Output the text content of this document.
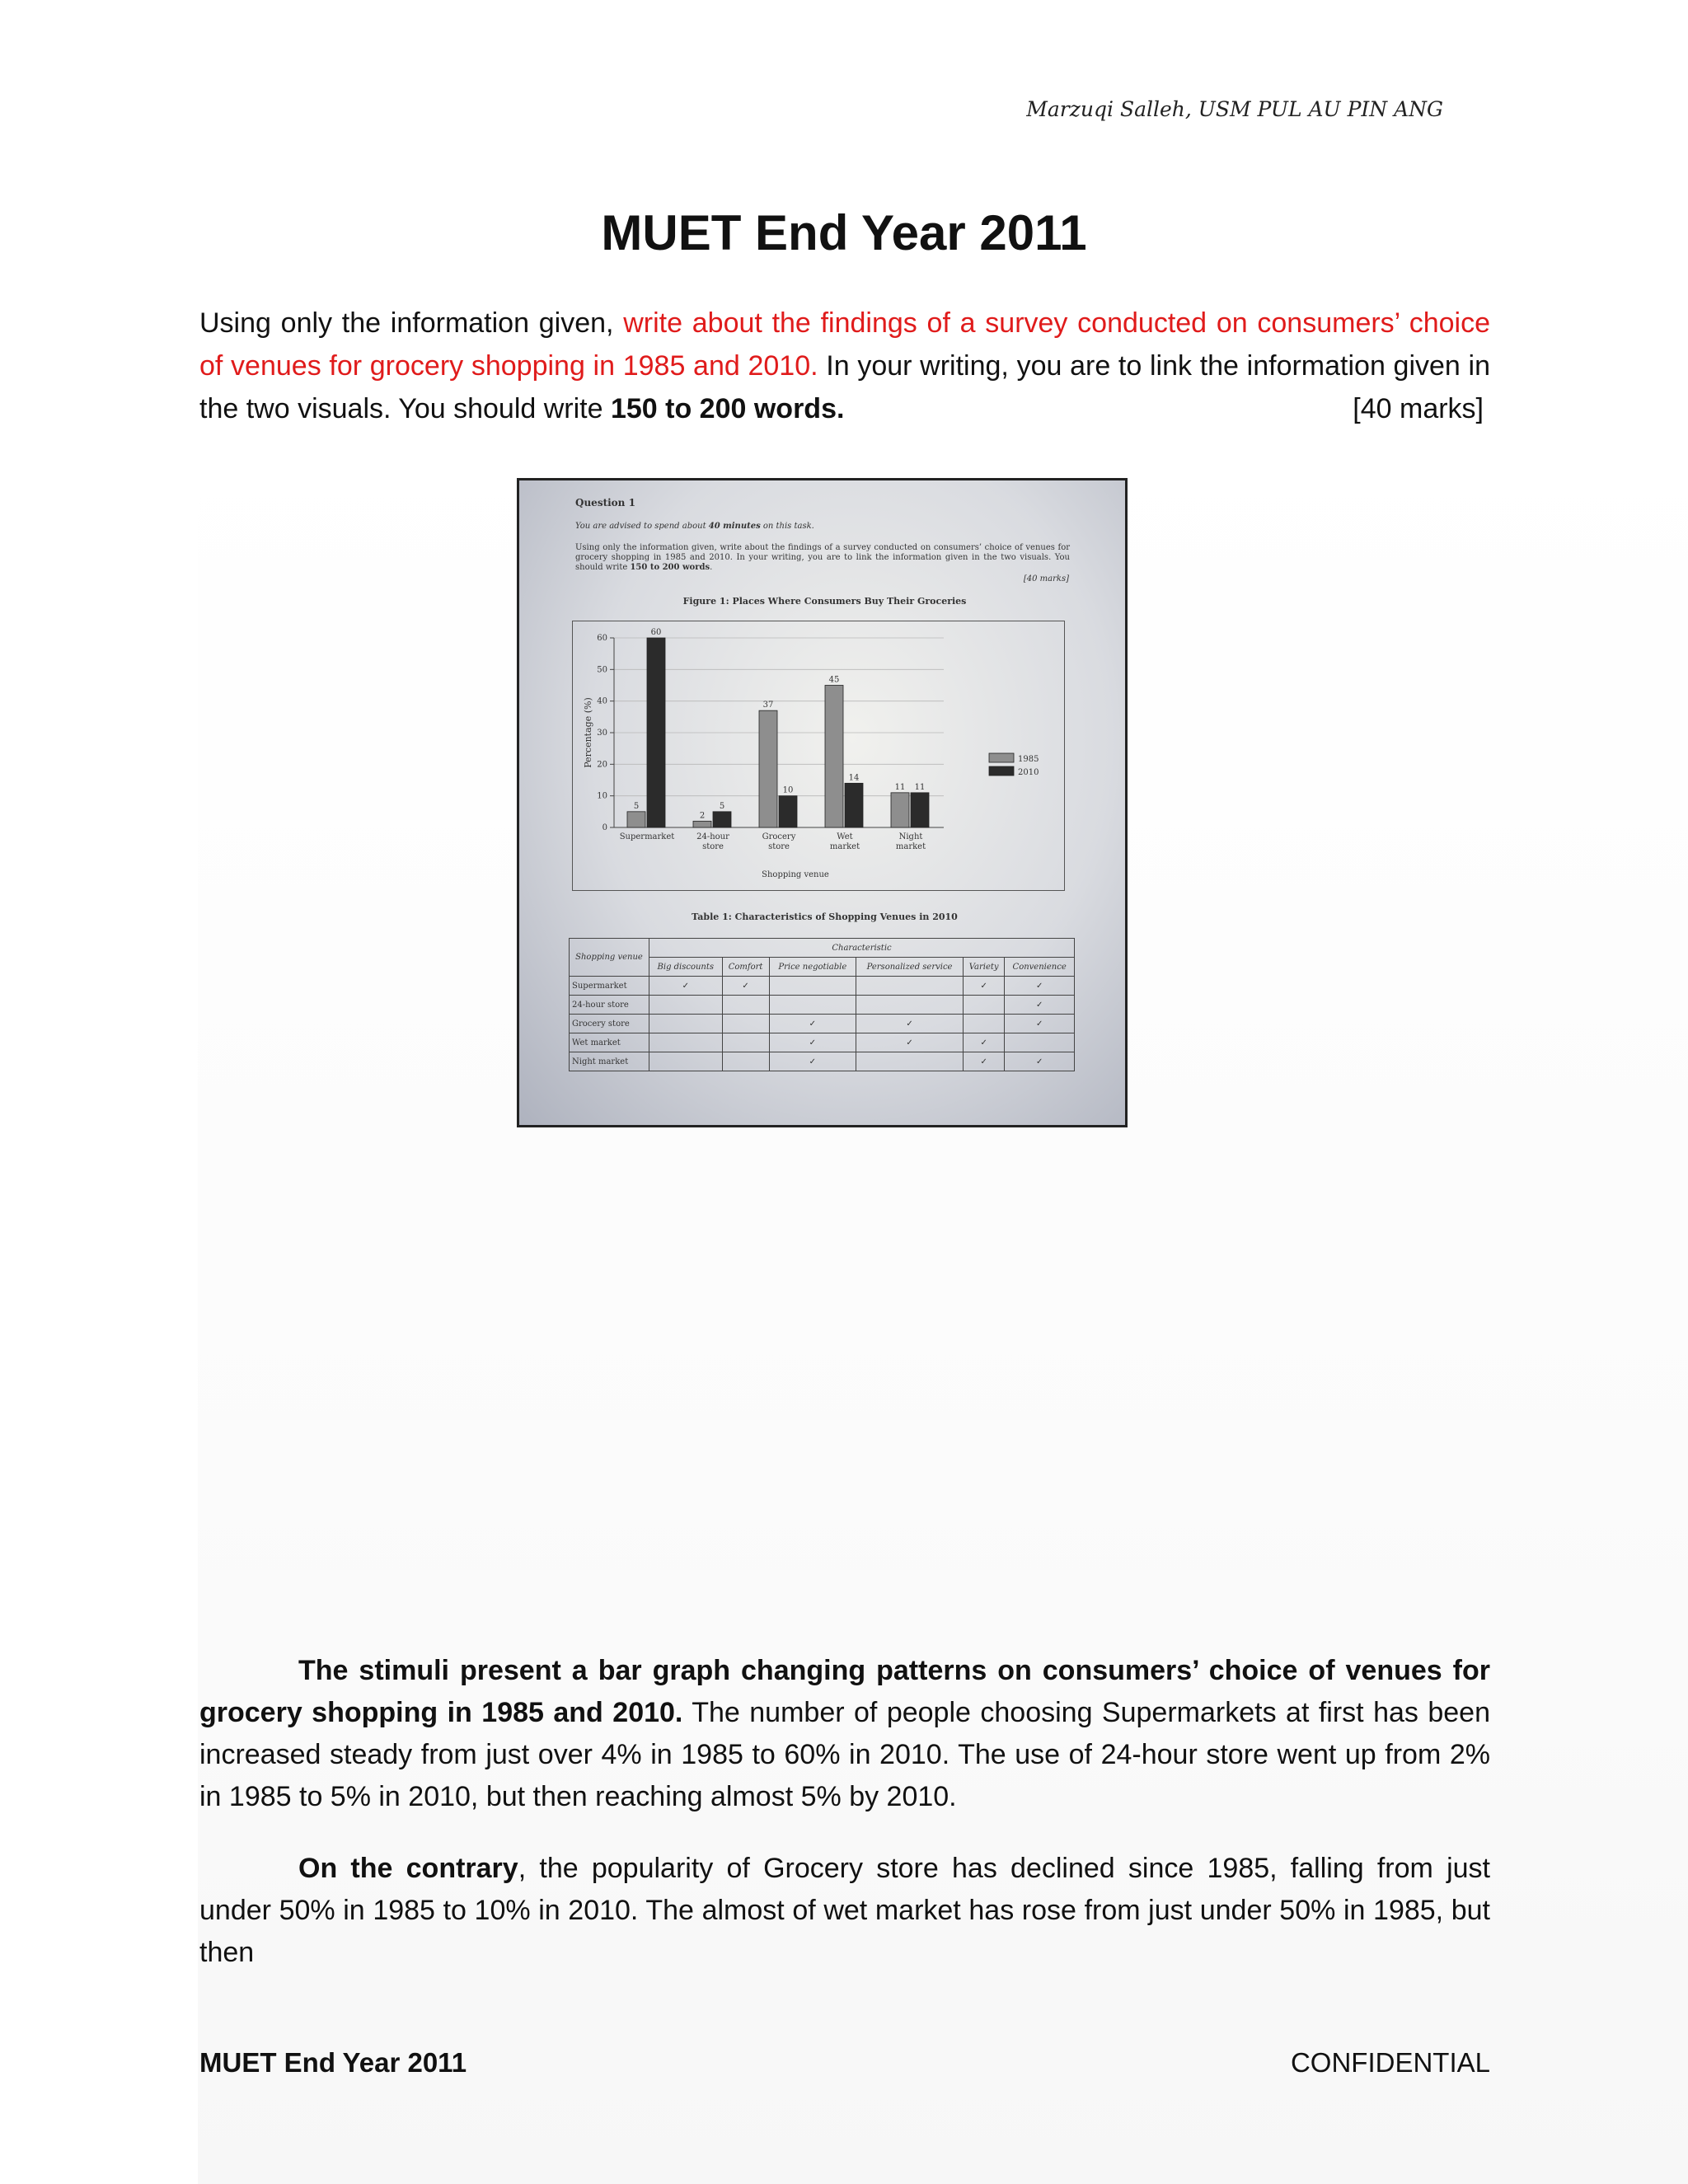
Marzuqi Salleh, USM PUL AU PIN ANG
MUET End Year 2011

Using only the information given, write about the findings of a survey conducted on consumers’ choice of venues for grocery shopping in 1985 and 2010. In your writing, you are to link the information given in the two visuals. You should write 150 to 200 words.	[40 marks]

Question 1

You are advised to spend about 40 minutes on this task.

Using only the information given, write about the findings of a survey conducted on consumers’ choice of venues for grocery shopping in 1985 and 2010. In your writing, you are to link the information given in the two visuals. You should write 150 to 200 words.

[40 marks]

Figure 1: Places Where Consumers Buy Their Groceries

0
10
20
30
40
50
60
Percentage (%)
5
60
Supermarket
2
5
24-hour
store
37
10
Grocery
store
45
14
Wet
market
11 11
Night
market
Shopping venue
1985
2010

Table 1: Characteristics of Shopping Venues in 2010

Shopping venue	Characteristic					
	Big discounts	Comfort	Price negotiable	Personalized service	Variety	Convenience
Supermarket	✓	✓			✓	✓
24-hour store						✓
Grocery store			✓	✓		✓
Wet market			✓	✓	✓	
Night market			✓		✓	✓

The stimuli present a bar graph changing patterns on consumers’ choice of venues for grocery shopping in 1985 and 2010. The number of people choosing Supermarkets at first has been increased steady from just over 4% in 1985 to 60% in 2010. The use of 24-hour store went up from 2% in 1985 to 5% in 2010, but then reaching almost 5% by 2010.

On the contrary, the popularity of Grocery store has declined since 1985, falling from just under 50% in 1985 to 10% in 2010. The almost of wet market has rose from just under 50% in 1985, but then

MUET End Year 2011	CONFIDENTIAL
